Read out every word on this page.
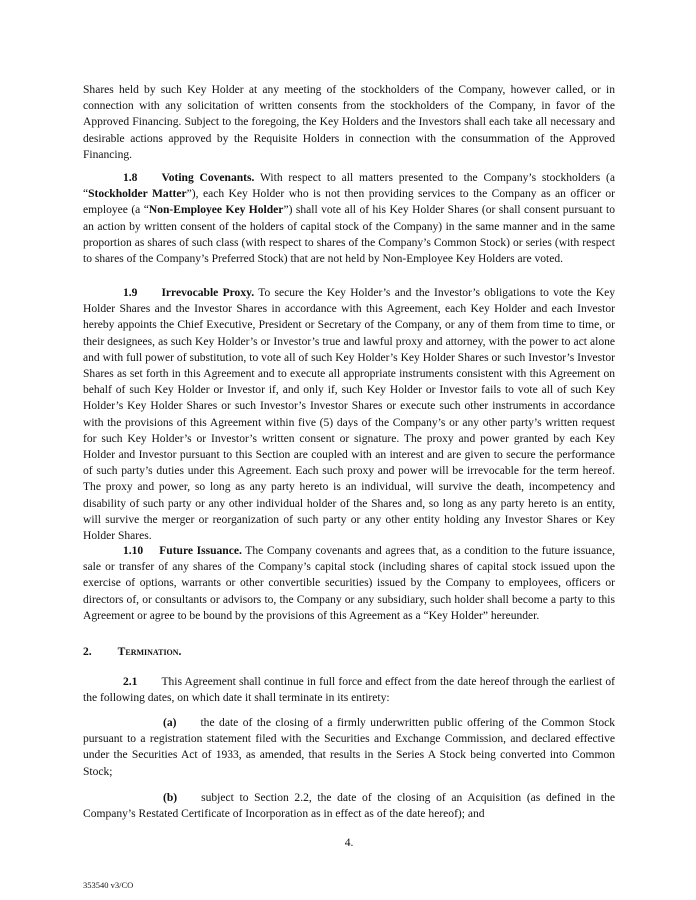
Shares held by such Key Holder at any meeting of the stockholders of the Company, however called, or in connection with any solicitation of written consents from the stockholders of the Company, in favor of the Approved Financing. Subject to the foregoing, the Key Holders and the Investors shall each take all necessary and desirable actions approved by the Requisite Holders in connection with the consummation of the Approved Financing.

1.8 Voting Covenants. With respect to all matters presented to the Company’s stockholders (a “Stockholder Matter”), each Key Holder who is not then providing services to the Company as an officer or employee (a “Non-Employee Key Holder”) shall vote all of his Key Holder Shares (or shall consent pursuant to an action by written consent of the holders of capital stock of the Company) in the same manner and in the same proportion as shares of such class (with respect to shares of the Company’s Common Stock) or series (with respect to shares of the Company’s Preferred Stock) that are not held by Non-Employee Key Holders are voted.

1.9 Irrevocable Proxy. To secure the Key Holder’s and the Investor’s obligations to vote the Key Holder Shares and the Investor Shares in accordance with this Agreement, each Key Holder and each Investor hereby appoints the Chief Executive, President or Secretary of the Company, or any of them from time to time, or their designees, as such Key Holder’s or Investor’s true and lawful proxy and attorney, with the power to act alone and with full power of substitution, to vote all of such Key Holder’s Key Holder Shares or such Investor’s Investor Shares as set forth in this Agreement and to execute all appropriate instruments consistent with this Agreement on behalf of such Key Holder or Investor if, and only if, such Key Holder or Investor fails to vote all of such Key Holder’s Key Holder Shares or such Investor’s Investor Shares or execute such other instruments in accordance with the provisions of this Agreement within five (5) days of the Company’s or any other party’s written request for such Key Holder’s or Investor’s written consent or signature. The proxy and power granted by each Key Holder and Investor pursuant to this Section are coupled with an interest and are given to secure the performance of such party’s duties under this Agreement. Each such proxy and power will be irrevocable for the term hereof. The proxy and power, so long as any party hereto is an individual, will survive the death, incompetency and disability of such party or any other individual holder of the Shares and, so long as any party hereto is an entity, will survive the merger or reorganization of such party or any other entity holding any Investor Shares or Key Holder Shares.

1.10 Future Issuance. The Company covenants and agrees that, as a condition to the future issuance, sale or transfer of any shares of the Company’s capital stock (including shares of capital stock issued upon the exercise of options, warrants or other convertible securities) issued by the Company to employees, officers or directors of, or consultants or advisors to, the Company or any subsidiary, such holder shall become a party to this Agreement or agree to be bound by the provisions of this Agreement as a “Key Holder” hereunder.

2. Termination.

2.1 This Agreement shall continue in full force and effect from the date hereof through the earliest of the following dates, on which date it shall terminate in its entirety:

(a) the date of the closing of a firmly underwritten public offering of the Common Stock pursuant to a registration statement filed with the Securities and Exchange Commission, and declared effective under the Securities Act of 1933, as amended, that results in the Series A Stock being converted into Common Stock;

(b) subject to Section 2.2, the date of the closing of an Acquisition (as defined in the Company’s Restated Certificate of Incorporation as in effect as of the date hereof); and

4.
353540 v3/CO
